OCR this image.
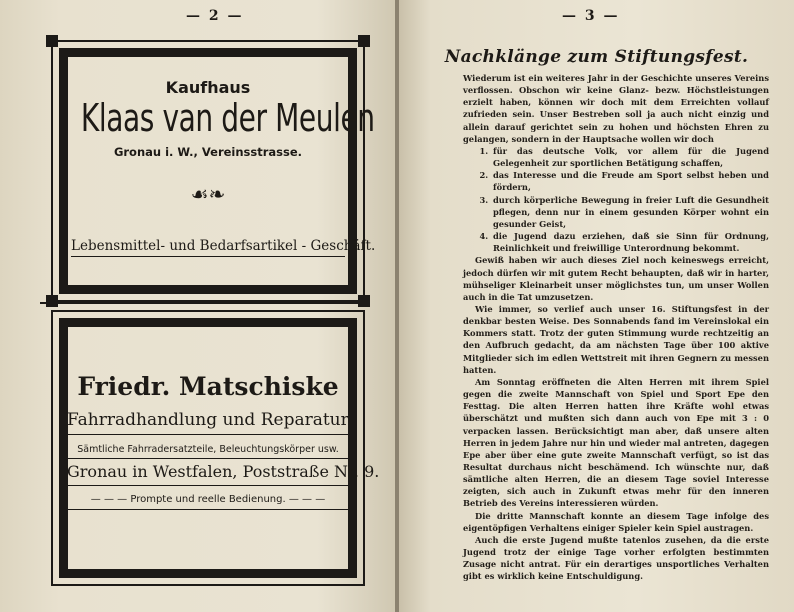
— 2 —
Kaufhaus
Klaas van der Meulen
Gronau i. W., Vereinsstrasse.
☙❧
Lebensmittel- und Bedarfsartikel - Geschäft.
Friedr. Matschiske
Fahrradhandlung und Reparatur.
Sämtliche Fahrradersatzteile, Beleuchtungskörper usw.
Gronau in Westfalen, Poststraße Nr. 9.
— — — Prompte und reelle Bedienung. — — —
— 3 —
Nachklänge zum Stiftungsfest.

Wiederum ist ein weiteres Jahr in der Geschichte unseres Vereins verflossen. Obschon wir keine Glanz- bezw. Höchstleistungen erzielt haben, können wir doch mit dem Erreichten vollauf zufrieden sein. Unser Bestreben soll ja auch nicht einzig und allein darauf gerichtet sein zu hohen und höchsten Ehren zu gelangen, sondern in der Hauptsache wollen wir doch

1. für das deutsche Volk, vor allem für die Jugend Gelegenheit zur sportlichen Betätigung schaffen,
2. das Interesse und die Freude am Sport selbst heben und fördern,
3. durch körperliche Bewegung in freier Luft die Gesundheit pflegen, denn nur in einem gesunden Körper wohnt ein gesunder Geist,
4. die Jugend dazu erziehen, daß sie Sinn für Ordnung, Reinlichkeit und freiwillige Unterordnung bekommt.

Gewiß haben wir auch dieses Ziel noch keineswegs erreicht, jedoch dürfen wir mit gutem Recht behaupten, daß wir in harter, mühseliger Kleinarbeit unser möglichstes tun, um unser Wollen auch in die Tat umzusetzen.

Wie immer, so verlief auch unser 16. Stiftungsfest in der denkbar besten Weise. Des Sonnabends fand im Vereinslokal ein Kommers statt. Trotz der guten Stimmung wurde rechtzeitig an den Aufbruch gedacht, da am nächsten Tage über 100 aktive Mitglieder sich im edlen Wettstreit mit ihren Gegnern zu messen hatten.

Am Sonntag eröffneten die Alten Herren mit ihrem Spiel gegen die zweite Mannschaft von Spiel und Sport Epe den Festtag. Die alten Herren hatten ihre Kräfte wohl etwas überschätzt und mußten sich dann auch von Epe mit 3 : 0 verpacken lassen. Berücksichtigt man aber, daß unsere alten Herren in jedem Jahre nur hin und wieder mal antreten, dagegen Epe aber über eine gute zweite Mannschaft verfügt, so ist das Resultat durchaus nicht beschämend. Ich wünschte nur, daß sämtliche alten Herren, die an diesem Tage soviel Interesse zeigten, sich auch in Zukunft etwas mehr für den inneren Betrieb des Vereins interessieren würden.

Die dritte Mannschaft konnte an diesem Tage infolge des eigentöpfigen Verhaltens einiger Spieler kein Spiel austragen.

Auch die erste Jugend mußte tatenlos zusehen, da die erste Jugend trotz der einige Tage vorher erfolgten bestimmten Zusage nicht antrat. Für ein derartiges unsportliches Verhalten gibt es wirklich keine Entschuldigung.
